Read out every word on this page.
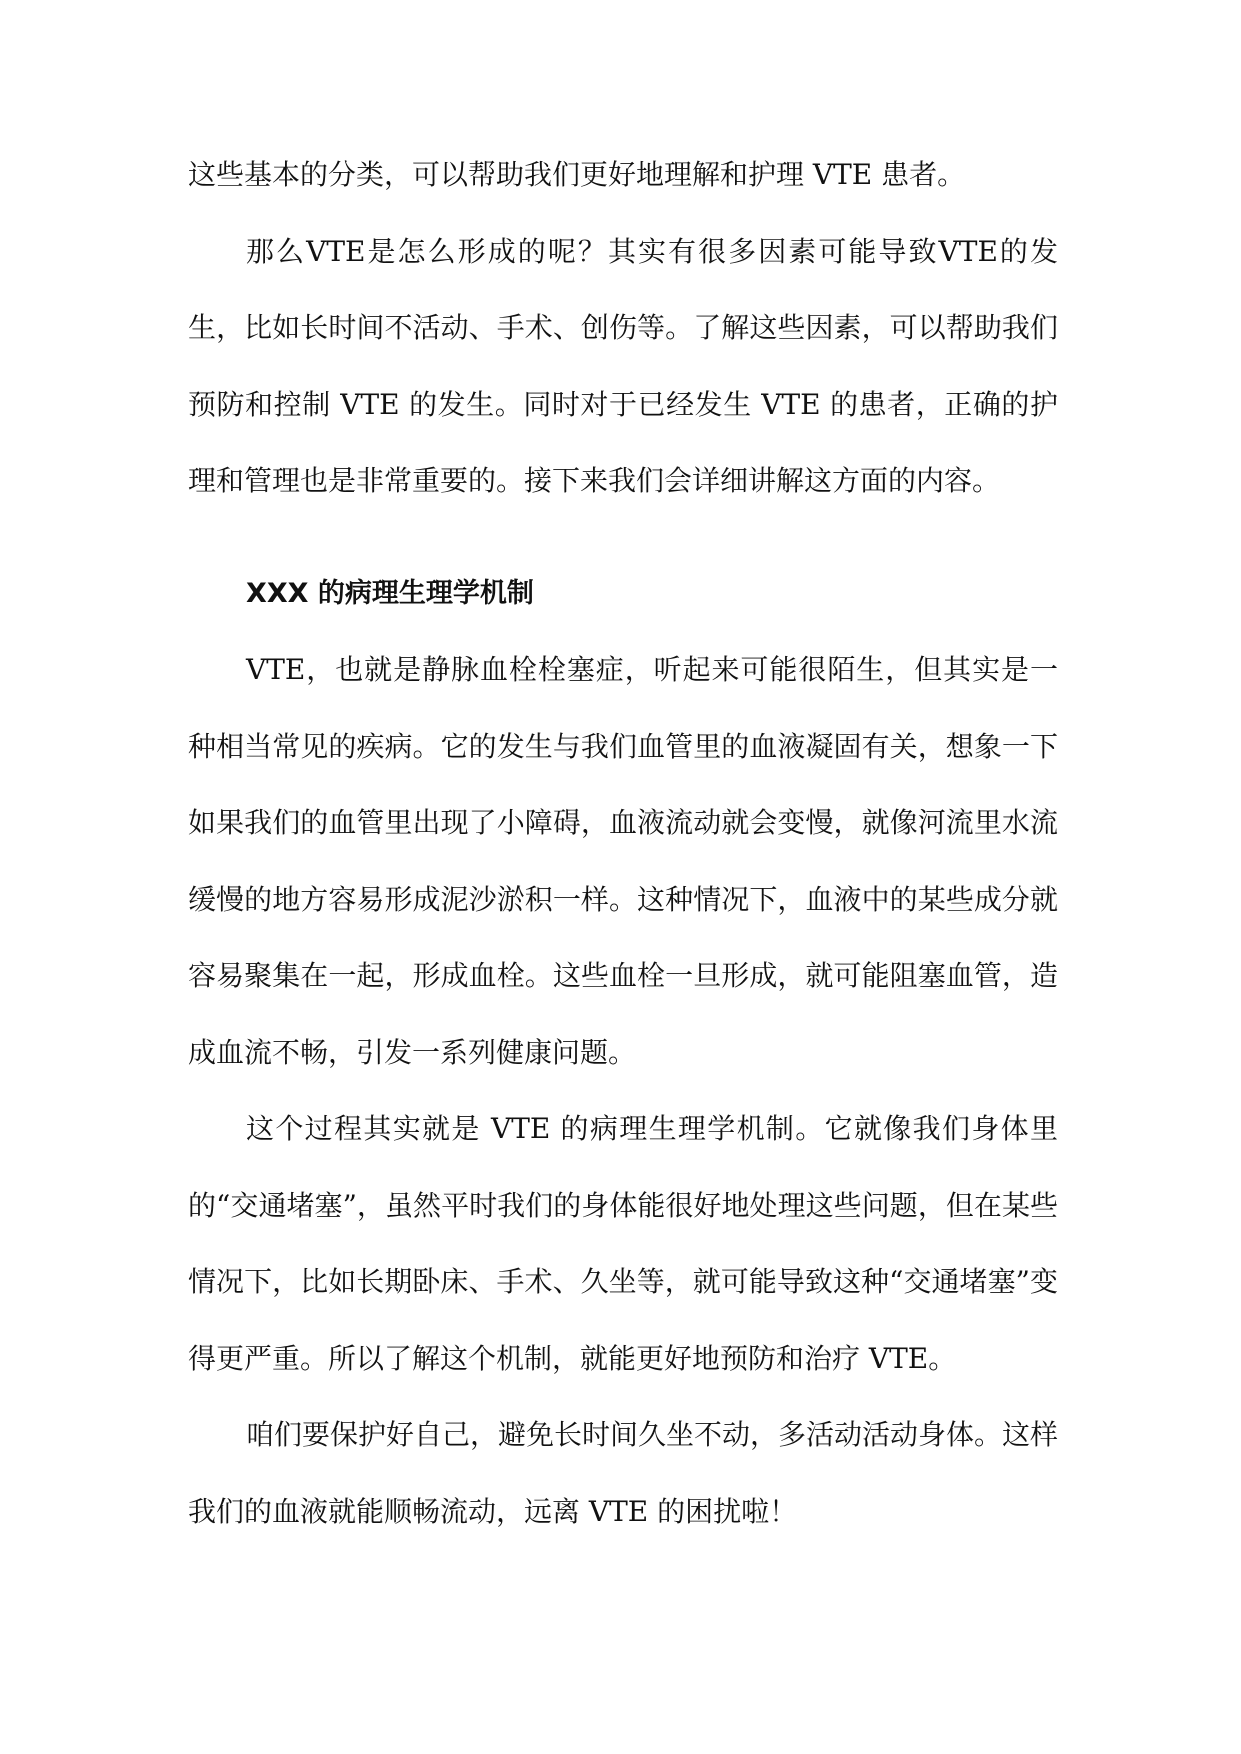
这些基本的分类，可以帮助我们更好地理解和护理 VTE 患者。

那么VTE是怎么形成的呢？其实有很多因素可能导致VTE的发生，比如长时间不活动、手术、创伤等。了解这些因素，可以帮助我们预防和控制 VTE 的发生。同时对于已经发生 VTE 的患者，正确的护理和管理也是非常重要的。接下来我们会详细讲解这方面的内容。

XXX 的病理生理学机制

VTE，也就是静脉血栓栓塞症，听起来可能很陌生，但其实是一种相当常见的疾病。它的发生与我们血管里的血液凝固有关，想象一下如果我们的血管里出现了小障碍，血液流动就会变慢，就像河流里水流缓慢的地方容易形成泥沙淤积一样。这种情况下，血液中的某些成分就容易聚集在一起，形成血栓。这些血栓一旦形成，就可能阻塞血管，造成血流不畅，引发一系列健康问题。

这个过程其实就是 VTE 的病理生理学机制。它就像我们身体里的“交通堵塞”，虽然平时我们的身体能很好地处理这些问题，但在某些情况下，比如长期卧床、手术、久坐等，就可能导致这种“交通堵塞”变得更严重。所以了解这个机制，就能更好地预防和治疗 VTE。

咱们要保护好自己，避免长时间久坐不动，多活动活动身体。这样我们的血液就能顺畅流动，远离 VTE 的困扰啦！
